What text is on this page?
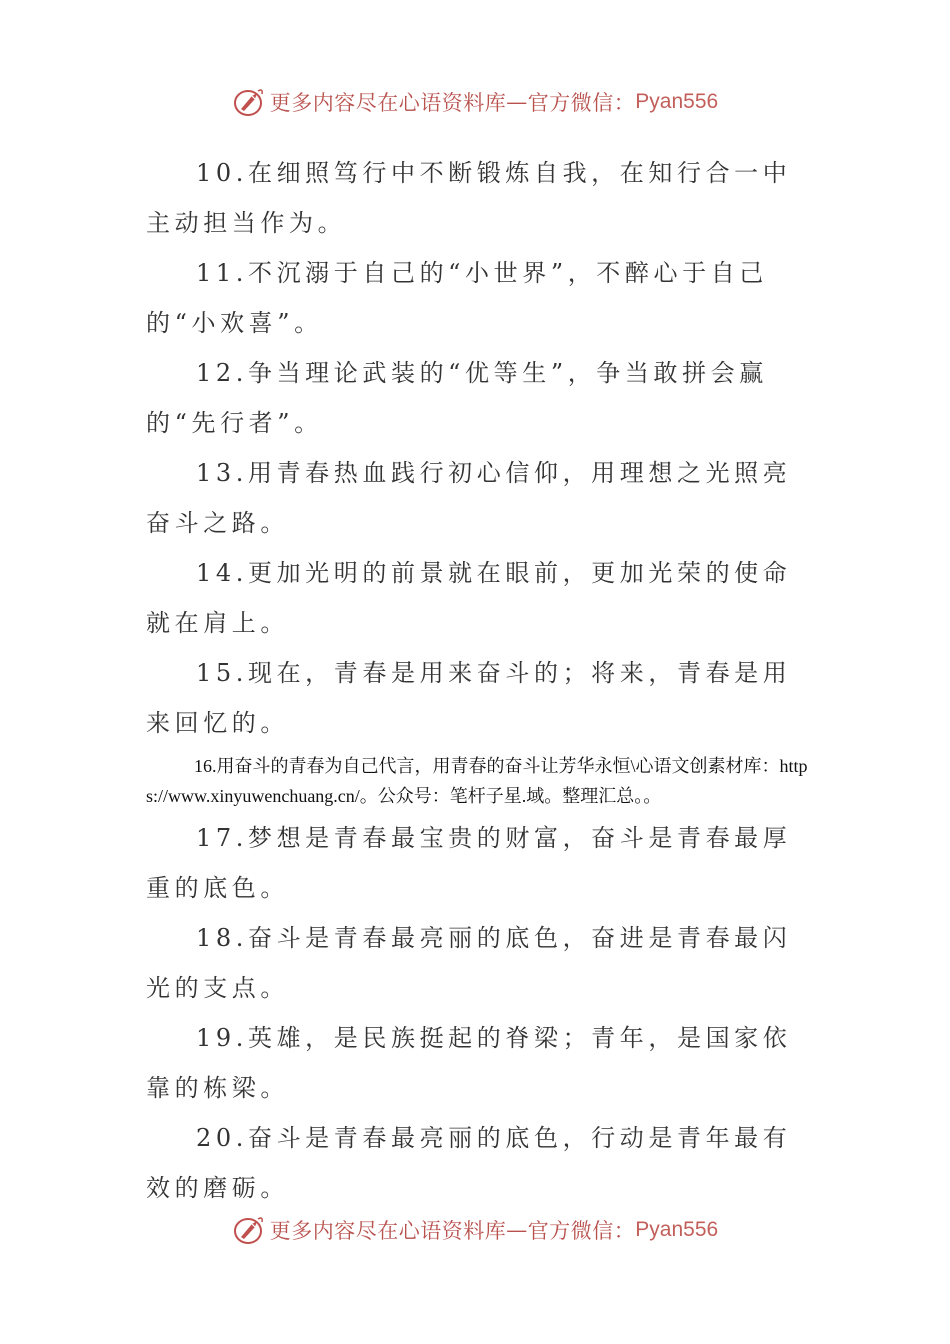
更多内容尽在心语资料库 — 官方微信： Pyan556

10.在细照笃行中不断锻炼自我，在知行合一中主动担当作为。

11.不沉溺于自己的“小世界”，不醉心于自己的“小欢喜”。

12.争当理论武装的“优等生”，争当敢拼会赢的“先行者”。

13.用青春热血践行初心信仰，用理想之光照亮奋斗之路。

14.更加光明的前景就在眼前，更加光荣的使命就在肩上。

15.现在，青春是用来奋斗的；将来，青春是用来回忆的。

16.用奋斗的青春为自己代言，用青春的奋斗让芳华永恒\心语文创素材库：https://www.xinyuwenchuang.cn/。公众号：笔杆子星.域。整理汇总。。

17.梦想是青春最宝贵的财富，奋斗是青春最厚重的底色。

18.奋斗是青春最亮丽的底色，奋进是青春最闪光的支点。

19.英雄，是民族挺起的脊梁；青年，是国家依靠的栋梁。

20.奋斗是青春最亮丽的底色，行动是青年最有效的磨砺。

更多内容尽在心语资料库 — 官方微信： Pyan556
